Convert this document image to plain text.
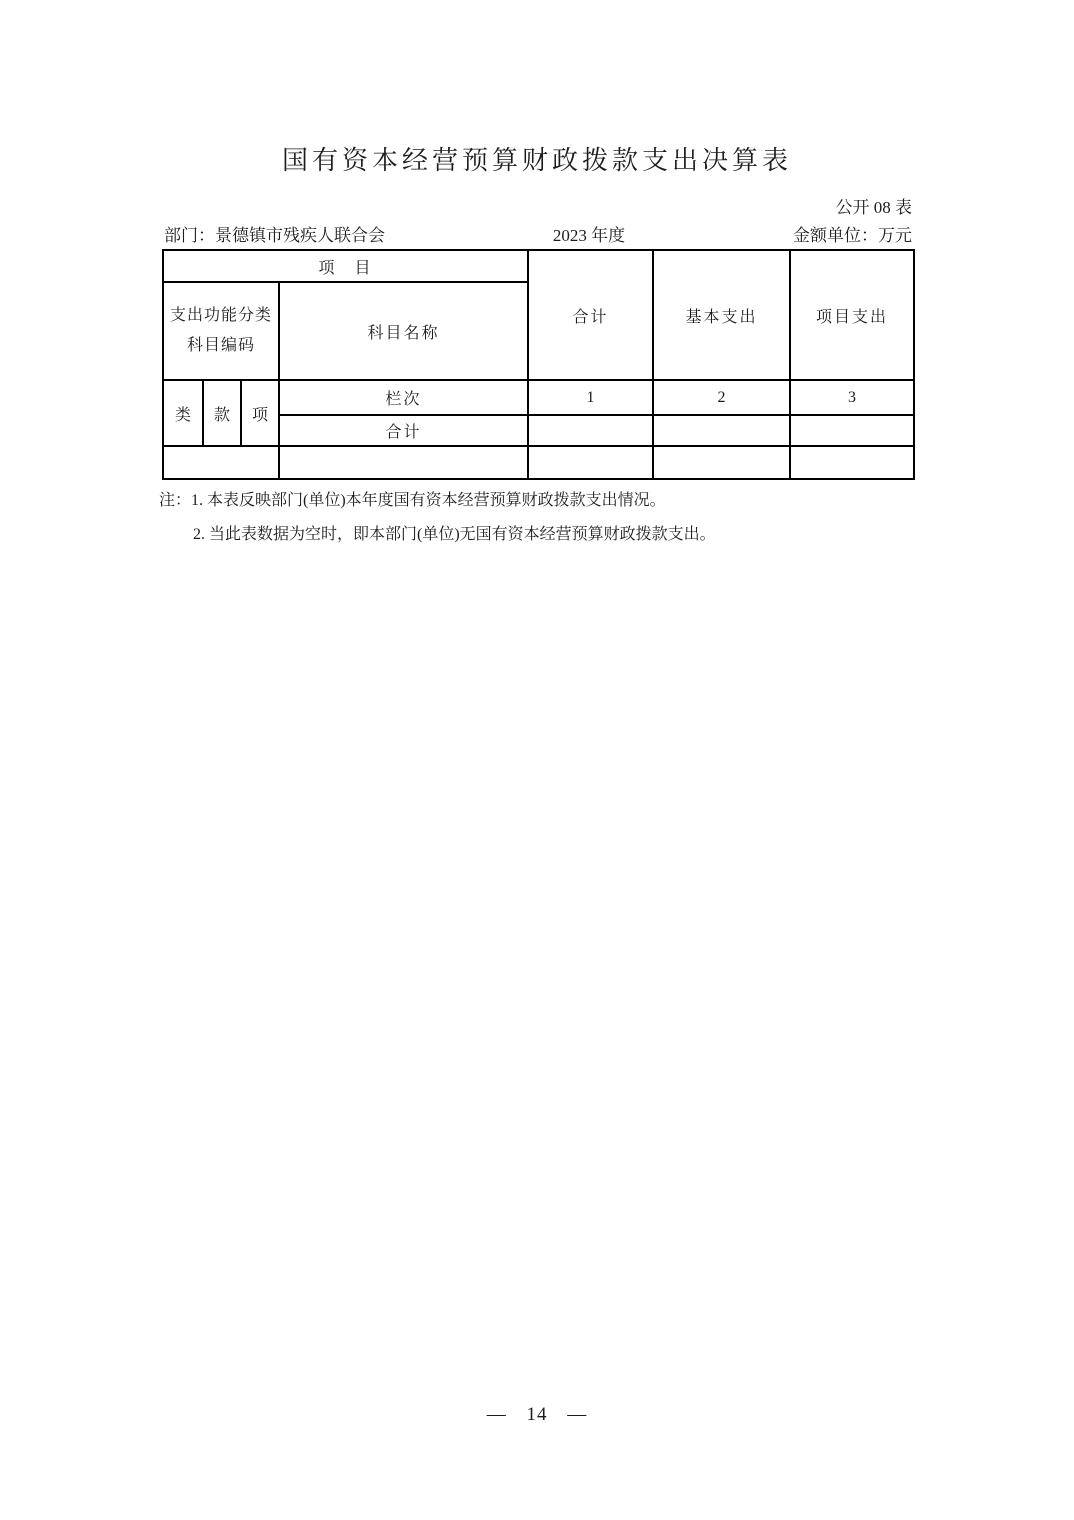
国有资本经营预算财政拨款支出决算表
公开 08 表
部门：景德镇市残疾人联合会	2023 年度	金额单位：万元
项　目				合计	基本支出	项目支出

支出功能分类
科目编码			科目名称			
类	款	项	栏次	1	2	3
			合计			

注：1. 本表反映部门(单位)本年度国有资本经营预算财政拨款支出情况。
2. 当此表数据为空时，即本部门(单位)无国有资本经营预算财政拨款支出。
— 14 —
